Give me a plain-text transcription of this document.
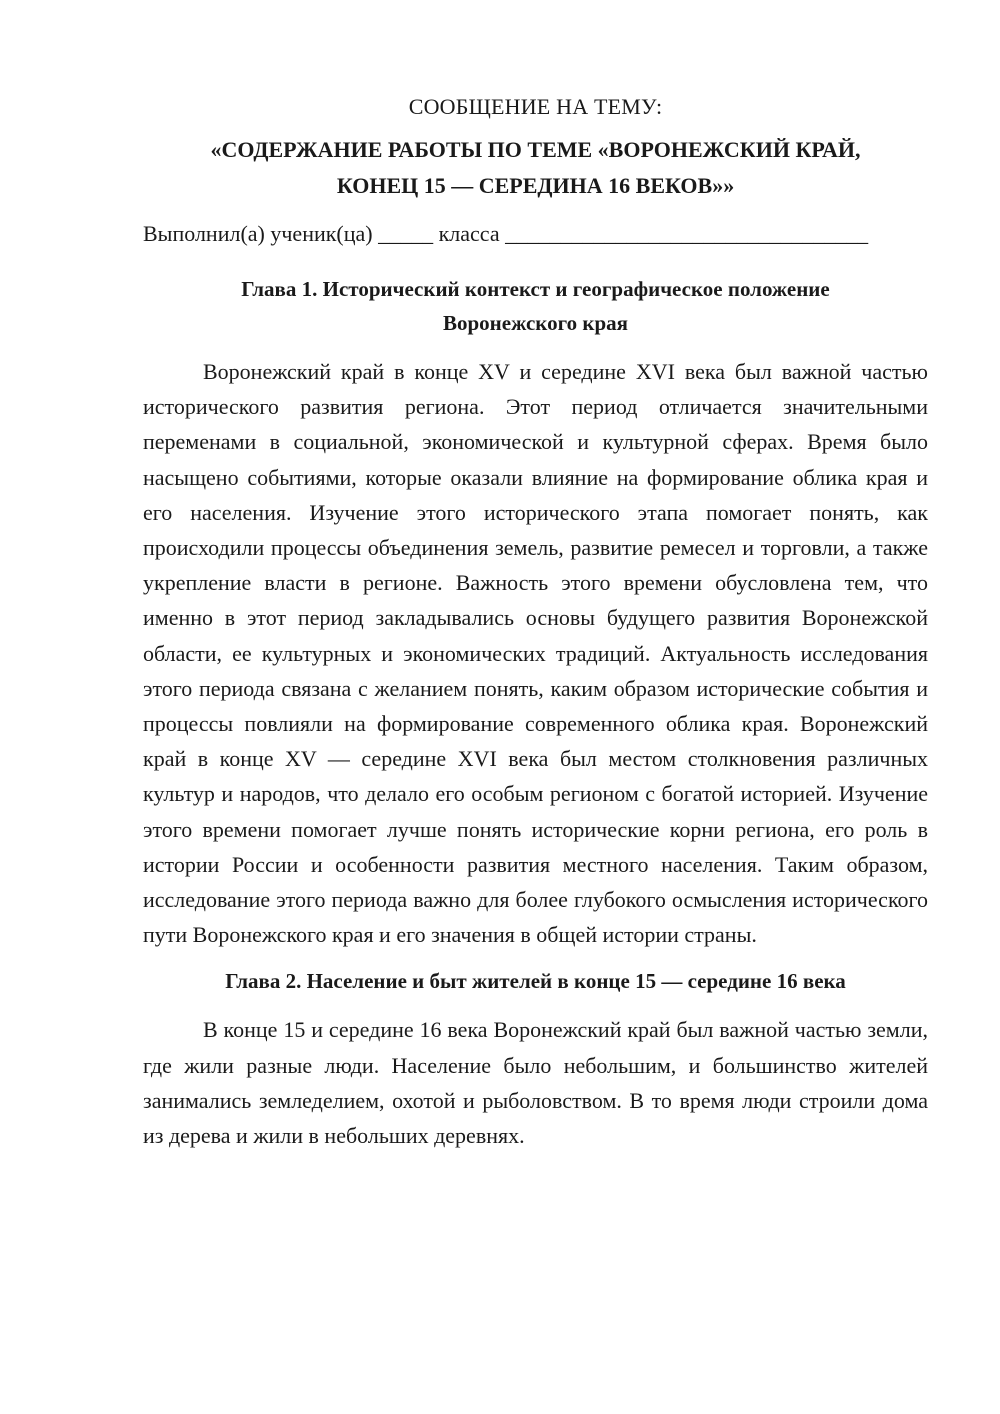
СООБЩЕНИЕ НА ТЕМУ:
«СОДЕРЖАНИЕ РАБОТЫ ПО ТЕМЕ «ВОРОНЕЖСКИЙ КРАЙ,
КОНЕЦ 15 — СЕРЕДИНА 16 ВЕКОВ»»
Выполнил(а) ученик(ца) _____ класса _________________________________
Глава 1. Исторический контекст и географическое положение
Воронежского края

Воронежский край в конце XV и середине XVI века был важной частью исторического развития региона. Этот период отличается значительными переменами в социальной, экономической и культурной сферах. Время было насыщено событиями, которые оказали влияние на формирование облика края и его населения. Изучение этого исторического этапа помогает понять, как происходили процессы объединения земель, развитие ремесел и торговли, а также укрепление власти в регионе. Важность этого времени обусловлена тем, что именно в этот период закладывались основы будущего развития Воронежской области, ее культурных и экономических традиций. Актуальность исследования этого периода связана с желанием понять, каким образом исторические события и процессы повлияли на формирование современного облика края. Воронежский край в конце XV — середине XVI века был местом столкновения различных культур и народов, что делало его особым регионом с богатой историей. Изучение этого времени помогает лучше понять исторические корни региона, его роль в истории России и особенности развития местного населения. Таким образом, исследование этого периода важно для более глубокого осмысления исторического пути Воронежского края и его значения в общей истории страны.

Глава 2. Население и быт жителей в конце 15 — середине 16 века

В конце 15 и середине 16 века Воронежский край был важной частью земли, где жили разные люди. Население было небольшим, и большинство жителей занимались земледелием, охотой и рыболовством. В то время люди строили дома из дерева и жили в небольших деревнях.
